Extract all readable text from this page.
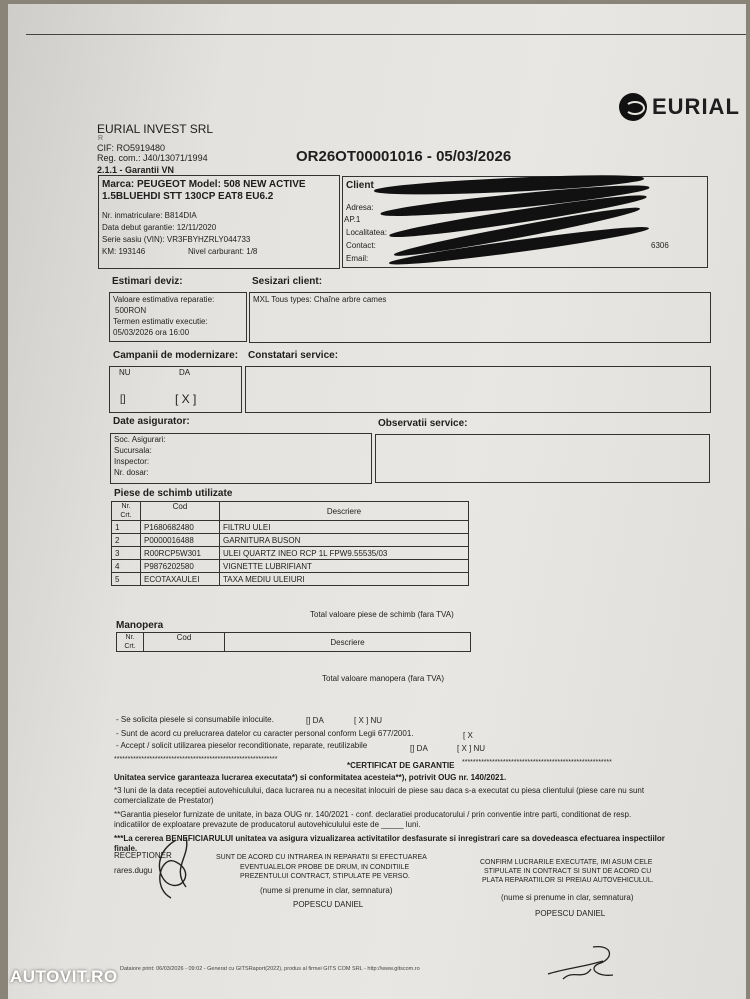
EURIAL
EURIAL INVEST SRL
R
CIF: RO5919480
Reg. com.: J40/13071/1994
2.1.1 - Garantii VN
OR26OT00001016 - 05/03/2026
Marca: PEUGEOT Model: 508 NEW ACTIVE
1.5BLUEHDI STT 130CP EAT8 EU6.2
Nr. inmatriculare: B814DIA
Data debut garantie: 12/11/2020
Serie sasiu (VIN): VR3FBYHZRLY044733
KM: 193146	Nivel carburant: 1/8
Client
Adresa:
AP.1
Localitatea:
Contact:	6306
Email:
Estimari deviz:	Sesizari client:
Valoare estimativa reparatie:
500RON
Termen estimativ executie:
05/03/2026 ora 16:00
MXL Tous types: Chaîne arbre cames
Campanii de modernizare: Constatari service:
NU	DA
[]	[ X ]
Date asigurator:	Observatii service:
Soc. Asigurari:
Sucursala:
Inspector:
Nr. dosar:
Piese de schimb utilizate
Nr.
Crt.	Cod	Descriere
1	P1680682480	FILTRU ULEI
2	P0000016488	GARNITURA BUSON
3	R00RCP5W301	ULEI QUARTZ INEO RCP 1L FPW9.55535/03
4	P9876202580	VIGNETTE LUBRIFIANT
5	ECOTAXAULEI	TAXA MEDIU ULEIURI
Total valoare piese de schimb (fara TVA)
Manopera
Nr.
Crt.	Cod	Descriere
Total valoare manopera (fara TVA)
- Se solicita piesele si consumabile inlocuite.	[] DA	[ X ] NU
- Sunt de acord cu prelucrarea datelor cu caracter personal conform Legii 677/2001.	[ X
- Accept / solicit utilizarea pieselor reconditionate, reparate, reutilizabile	[] DA	[ X ] NU
************************************************************
*CERTIFICAT DE GARANTIE *******************************************************
Unitatea service garanteaza lucrarea executata*) si conformitatea acesteia**), potrivit OUG nr. 140/2021.
*3 luni de la data receptiei autovehiculului, daca lucrarea nu a necesitat inlocuiri de piese sau daca s-a executat cu piesa clientului (piese care nu sunt
comercializate de Prestator)
**Garantia pieselor furnizate de unitate, in baza OUG nr. 140/2021 - conf. declaratiei producatorului / prin conventie intre parti, conditionat de resp.
indicatiilor de exploatare prevazute de producatorul autovehiculului este de _____ luni.
***La cererea BENEFICIARULUI unitatea va asigura vizualizarea activitatilor desfasurate si inregistrari care sa dovedeasca efectuarea inspectiilor
finale.
RECEPTIONER
rares.dugu
SUNT DE ACORD CU INTRAREA IN REPARATII SI EFECTUAREA
EVENTUALELOR PROBE DE DRUM, IN CONDITIILE
PREZENTULUI CONTRACT, STIPULATE PE VERSO.
(nume si prenume in clar, semnatura)
POPESCU DANIEL
CONFIRM LUCRARILE EXECUTATE, IMI ASUM CELE
STIPULATE IN CONTRACT SI SUNT DE ACORD CU
PLATA REPARATIILOR SI PREIAU AUTOVEHICULUL.
(nume si prenume in clar, semnatura)
POPESCU DANIEL
Dataiore print: 06/03/2026 - 09:02 - Generat cu GITSRaport(2022), produs al firmei GITS COM SRL - http://www.gitscom.ro
AUTOVIT.RO
